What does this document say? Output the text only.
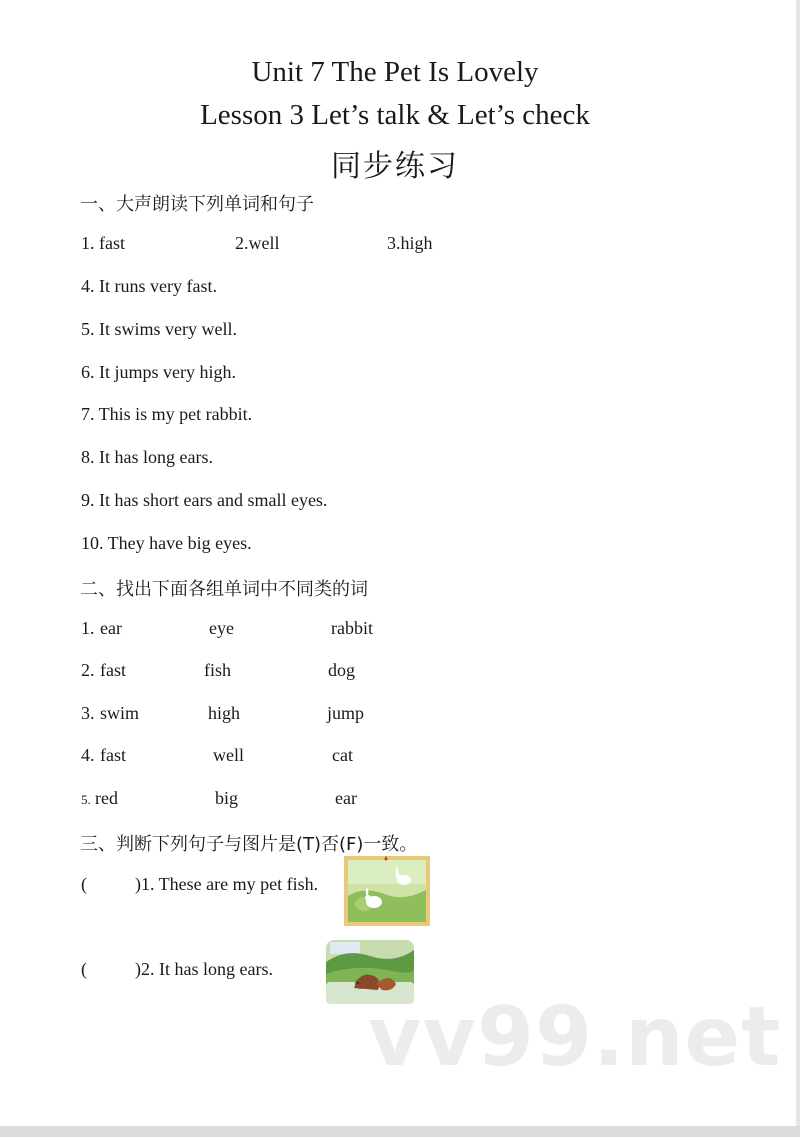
Unit 7 The Pet Is Lovely
Lesson 3 Let’s talk & Let’s check
同步练习
一、大声朗读下列单词和句子
1. fast	2.well	3.high
4. It runs very fast.
5. It swims very well.
6. It jumps very high.
7. This is my pet rabbit.
8. It has long ears.
9. It has short ears and small eyes.
10. They have big eyes.
二、找出下面各组单词中不同类的词
1. ear	eye	rabbit
2. fast	fish	dog
3. swim	high	jump
4. fast	well	cat
5. red	big	ear
三、判断下列句子与图片是(T)否(F)一致。
(	)1. These are my pet fish.
(	)2. It has long ears.
vv99.net
